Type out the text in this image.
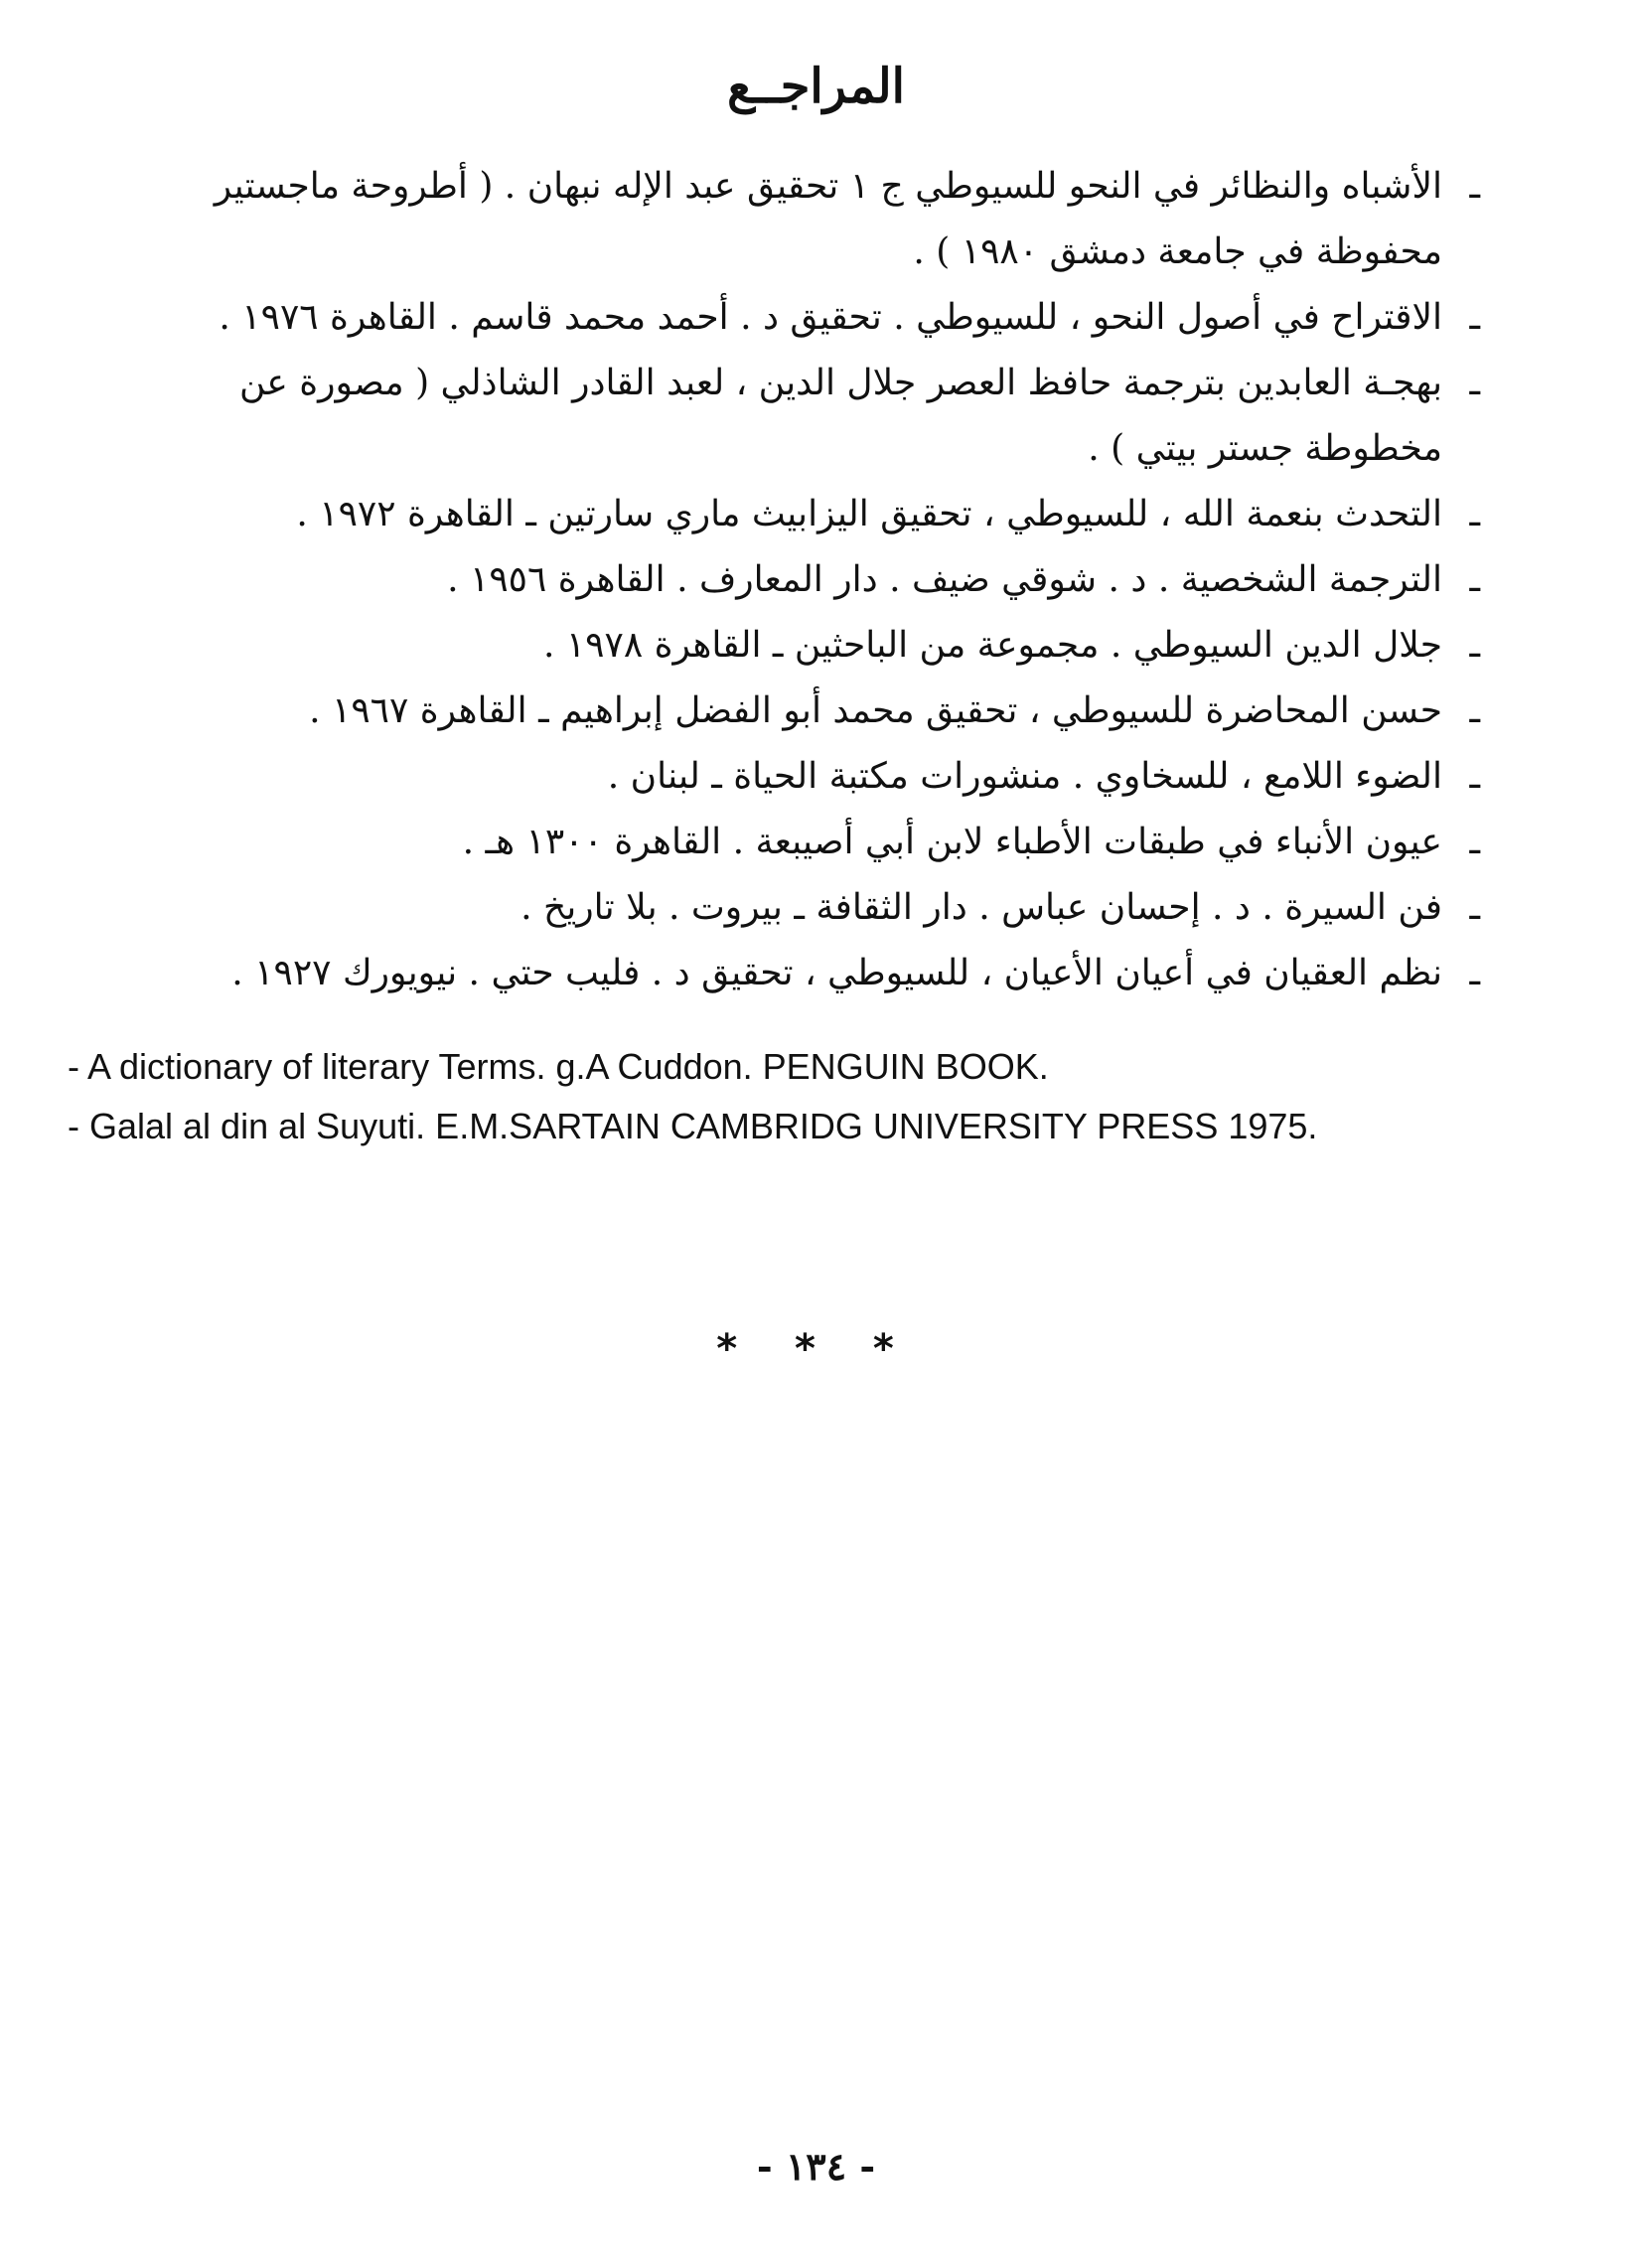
المراجــع
ـ
الأشباه والنظائر في النحو للسيوطي ج ١ تحقيق عبد الإله نبهان . ( أطروحة ماجستير محفوظة في جامعة دمشق ١٩٨٠ ) .
ـ
الاقتراح في أصول النحو ، للسيوطي . تحقيق د . أحمد محمد قاسم . القاهرة ١٩٧٦ .
ـ
بهجـة العابدين بترجمة حافظ العصر جلال الدين ، لعبد القادر الشاذلي ( مصورة عن مخطوطة جستر بيتي ) .
ـ
التحدث بنعمة الله ، للسيوطي ، تحقيق اليزابيث ماري سارتين ـ القاهرة ١٩٧٢ .
ـ
الترجمة الشخصية . د . شوقي ضيف . دار المعارف . القاهرة ١٩٥٦ .
ـ
جلال الدين السيوطي . مجموعة من الباحثين ـ القاهرة ١٩٧٨ .
ـ
حسن المحاضرة للسيوطي ، تحقيق محمد أبو الفضل إبراهيم ـ القاهرة ١٩٦٧ .
ـ
الضوء اللامع ، للسخاوي . منشورات مكتبة الحياة ـ لبنان .
ـ
عيون الأنباء في طبقات الأطباء لابن أبي أصيبعة . القاهرة ١٣٠٠ هـ .
ـ
فن السيرة . د . إحسان عباس . دار الثقافة ـ بيروت . بلا تاريخ .
ـ
نظم العقيان في أعيان الأعيان ، للسيوطي ، تحقيق د . فليب حتي . نيويورك ١٩٢٧ .
- A dictionary of literary Terms. g.A Cuddon. PENGUIN BOOK.
- Galal al din al Suyuti. E.M.SARTAIN CAMBRIDG UNIVERSITY PRESS 1975.
* * *
- ١٣٤ -
